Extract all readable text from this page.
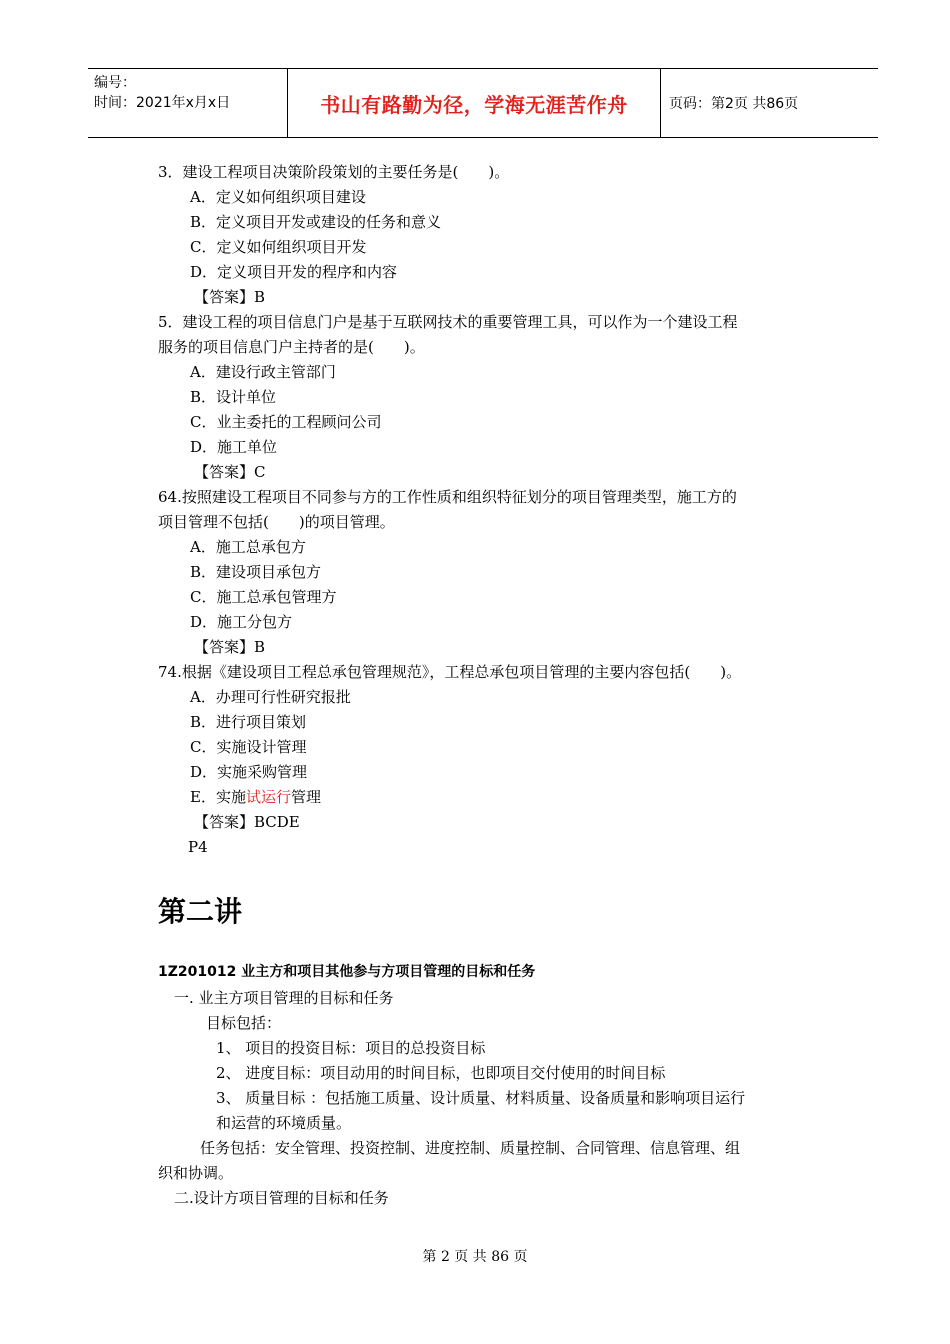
编号：
时间：2021年x月x日	书山有路勤为径，学海无涯苦作舟	页码：第2页 共86页
3．建设工程项目决策阶段策划的主要任务是(　　)。
A．定义如何组织项目建设
B．定义项目开发或建设的任务和意义
C．定义如何组织项目开发
D．定义项目开发的程序和内容
【答案】B
5．建设工程的项目信息门户是基于互联网技术的重要管理工具，可以作为一个建设工程
服务的项目信息门户主持者的是(　　)。
A．建设行政主管部门
B．设计单位
C．业主委托的工程顾问公司
D．施工单位
【答案】C
64.按照建设工程项目不同参与方的工作性质和组织特征划分的项目管理类型，施工方的
项目管理不包括(　　)的项目管理。
A．施工总承包方
B．建设项目承包方
C．施工总承包管理方
D．施工分包方
【答案】B
74.根据《建设项目工程总承包管理规范》，工程总承包项目管理的主要内容包括(　　)。
A．办理可行性研究报批
B．进行项目策划
C．实施设计管理
D．实施采购管理
E．实施试运行管理
【答案】BCDE
P4
第二讲
1Z201012 业主方和项目其他参与方项目管理的目标和任务
一. 业主方项目管理的目标和任务
目标包括：
1、 项目的投资目标：项目的总投资目标
2、 进度目标：项目动用的时间目标，也即项目交付使用的时间目标
3、 质量目标 ：包括施工质量、设计质量、材料质量、设备质量和影响项目运行
和运营的环境质量。
任务包括：安全管理、投资控制、进度控制、质量控制、合同管理、信息管理、组
织和协调。
二.设计方项目管理的目标和任务
第 2 页 共 86 页
